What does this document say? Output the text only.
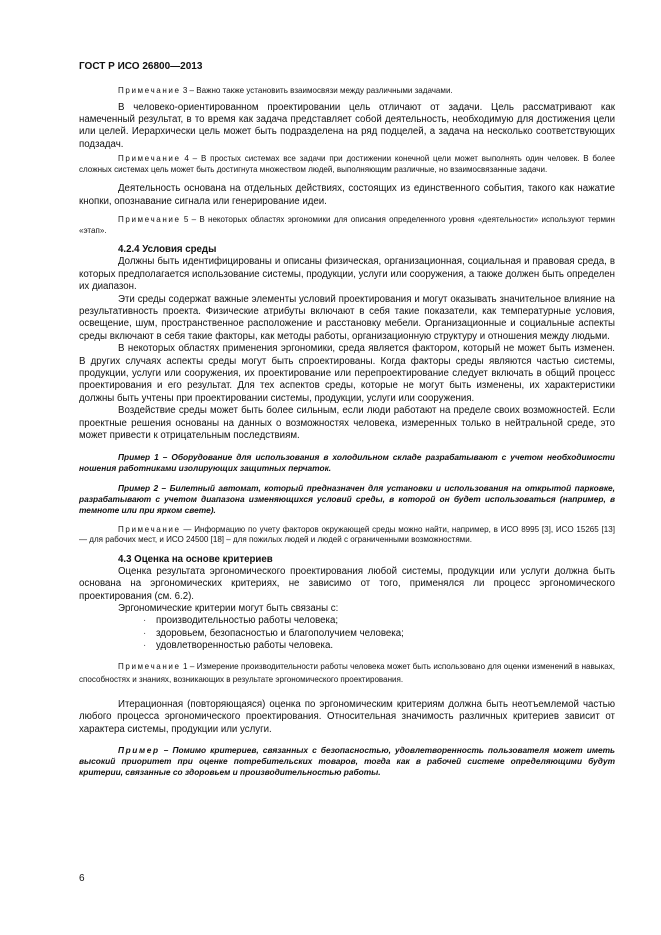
ГОСТ Р ИСО 26800—2013

Примечание 3 – Важно также установить взаимосвязи между различными задачами.

В человеко-ориентированном проектировании цель отличают от задачи. Цель рассматривают как намеченный результат, в то время как задача представляет собой деятельность, необходимую для достижения цели или целей. Иерархически цель может быть подразделена на ряд подцелей, а задача на несколько соответствующих подзадач.

Примечание 4 – В простых системах все задачи при достижении конечной цели может выполнять один человек. В более сложных системах цель может быть достигнута множеством людей, выполняющим различные, но взаимосвязанные задачи.

Деятельность основана на отдельных действиях, состоящих из единственного события, такого как нажатие кнопки, опознавание сигнала или генерирование идеи.

Примечание 5 – В некоторых областях эргономики для описания определенного уровня «деятельности» используют термин «этап».

4.2.4 Условия среды

Должны быть идентифицированы и описаны физическая, организационная, социальная и правовая среда, в которых предполагается использование системы, продукции, услуги или сооружения, а также должен быть определен их диапазон.

Эти среды содержат важные элементы условий проектирования и могут оказывать значительное влияние на результативность проекта. Физические атрибуты включают в себя такие показатели, как температурные условия, освещение, шум, пространственное расположение и расстановку мебели. Организационные и социальные аспекты среды включают в себя такие факторы, как методы работы, организационную структуру и отношения между людьми.

В некоторых областях применения эргономики, среда является фактором, который не может быть изменен. В других случаях аспекты среды могут быть спроектированы. Когда факторы среды являются частью системы, продукции, услуги или сооружения, их проектирование или перепроектирование следует включать в общий процесс проектирования и его результат. Для тех аспектов среды, которые не могут быть изменены, их характеристики должны быть учтены при проектировании системы, продукции, услуги или сооружения.

Воздействие среды может быть более сильным, если люди работают на пределе своих возможностей. Если проектные решения основаны на данных о возможностях человека, измеренных только в нейтральной среде, это может привести к отрицательным последствиям.

Пример 1 – Оборудование для использования в холодильном складе разрабатывают с учетом необходимости ношения работниками изолирующих защитных перчаток.

Пример 2 – Билетный автомат, который предназначен для установки и использования на открытой парковке, разрабатывают с учетом диапазона изменяющихся условий среды, в которой он будет использоваться (например, в темноте или при ярком свете).

Примечание — Информацию по учету факторов окружающей среды можно найти, например, в ИСО 8995 [3], ИСО 15265 [13] — для рабочих мест, и ИСО 24500 [18] – для пожилых людей и людей с ограниченными возможностями.

4.3 Оценка на основе критериев

Оценка результата эргономического проектирования любой системы, продукции или услуги должна быть основана на эргономических критериях, не зависимо от того, применялся ли процесс эргономического проектирования (см. 6.2).

Эргономические критерии могут быть связаны с:

· производительностью работы человека;
· здоровьем, безопасностью и благополучием человека;
· удовлетворенностью работы человека.

Примечание 1 – Измерение производительности работы человека может быть использовано для оценки изменений в навыках, способностях и знаниях, возникающих в результате эргономического проектирования.

Итерационная (повторяющаяся) оценка по эргономическим критериям должна быть неотъемлемой частью любого процесса эргономического проектирования. Относительная значимость различных критериев зависит от характера системы, продукции или услуги.

Пример – Помимо критериев, связанных с безопасностью, удовлетворенность пользователя может иметь высокий приоритет при оценке потребительских товаров, тогда как в рабочей системе определяющими будут критерии, связанные со здоровьем и производительностью работы.

6
